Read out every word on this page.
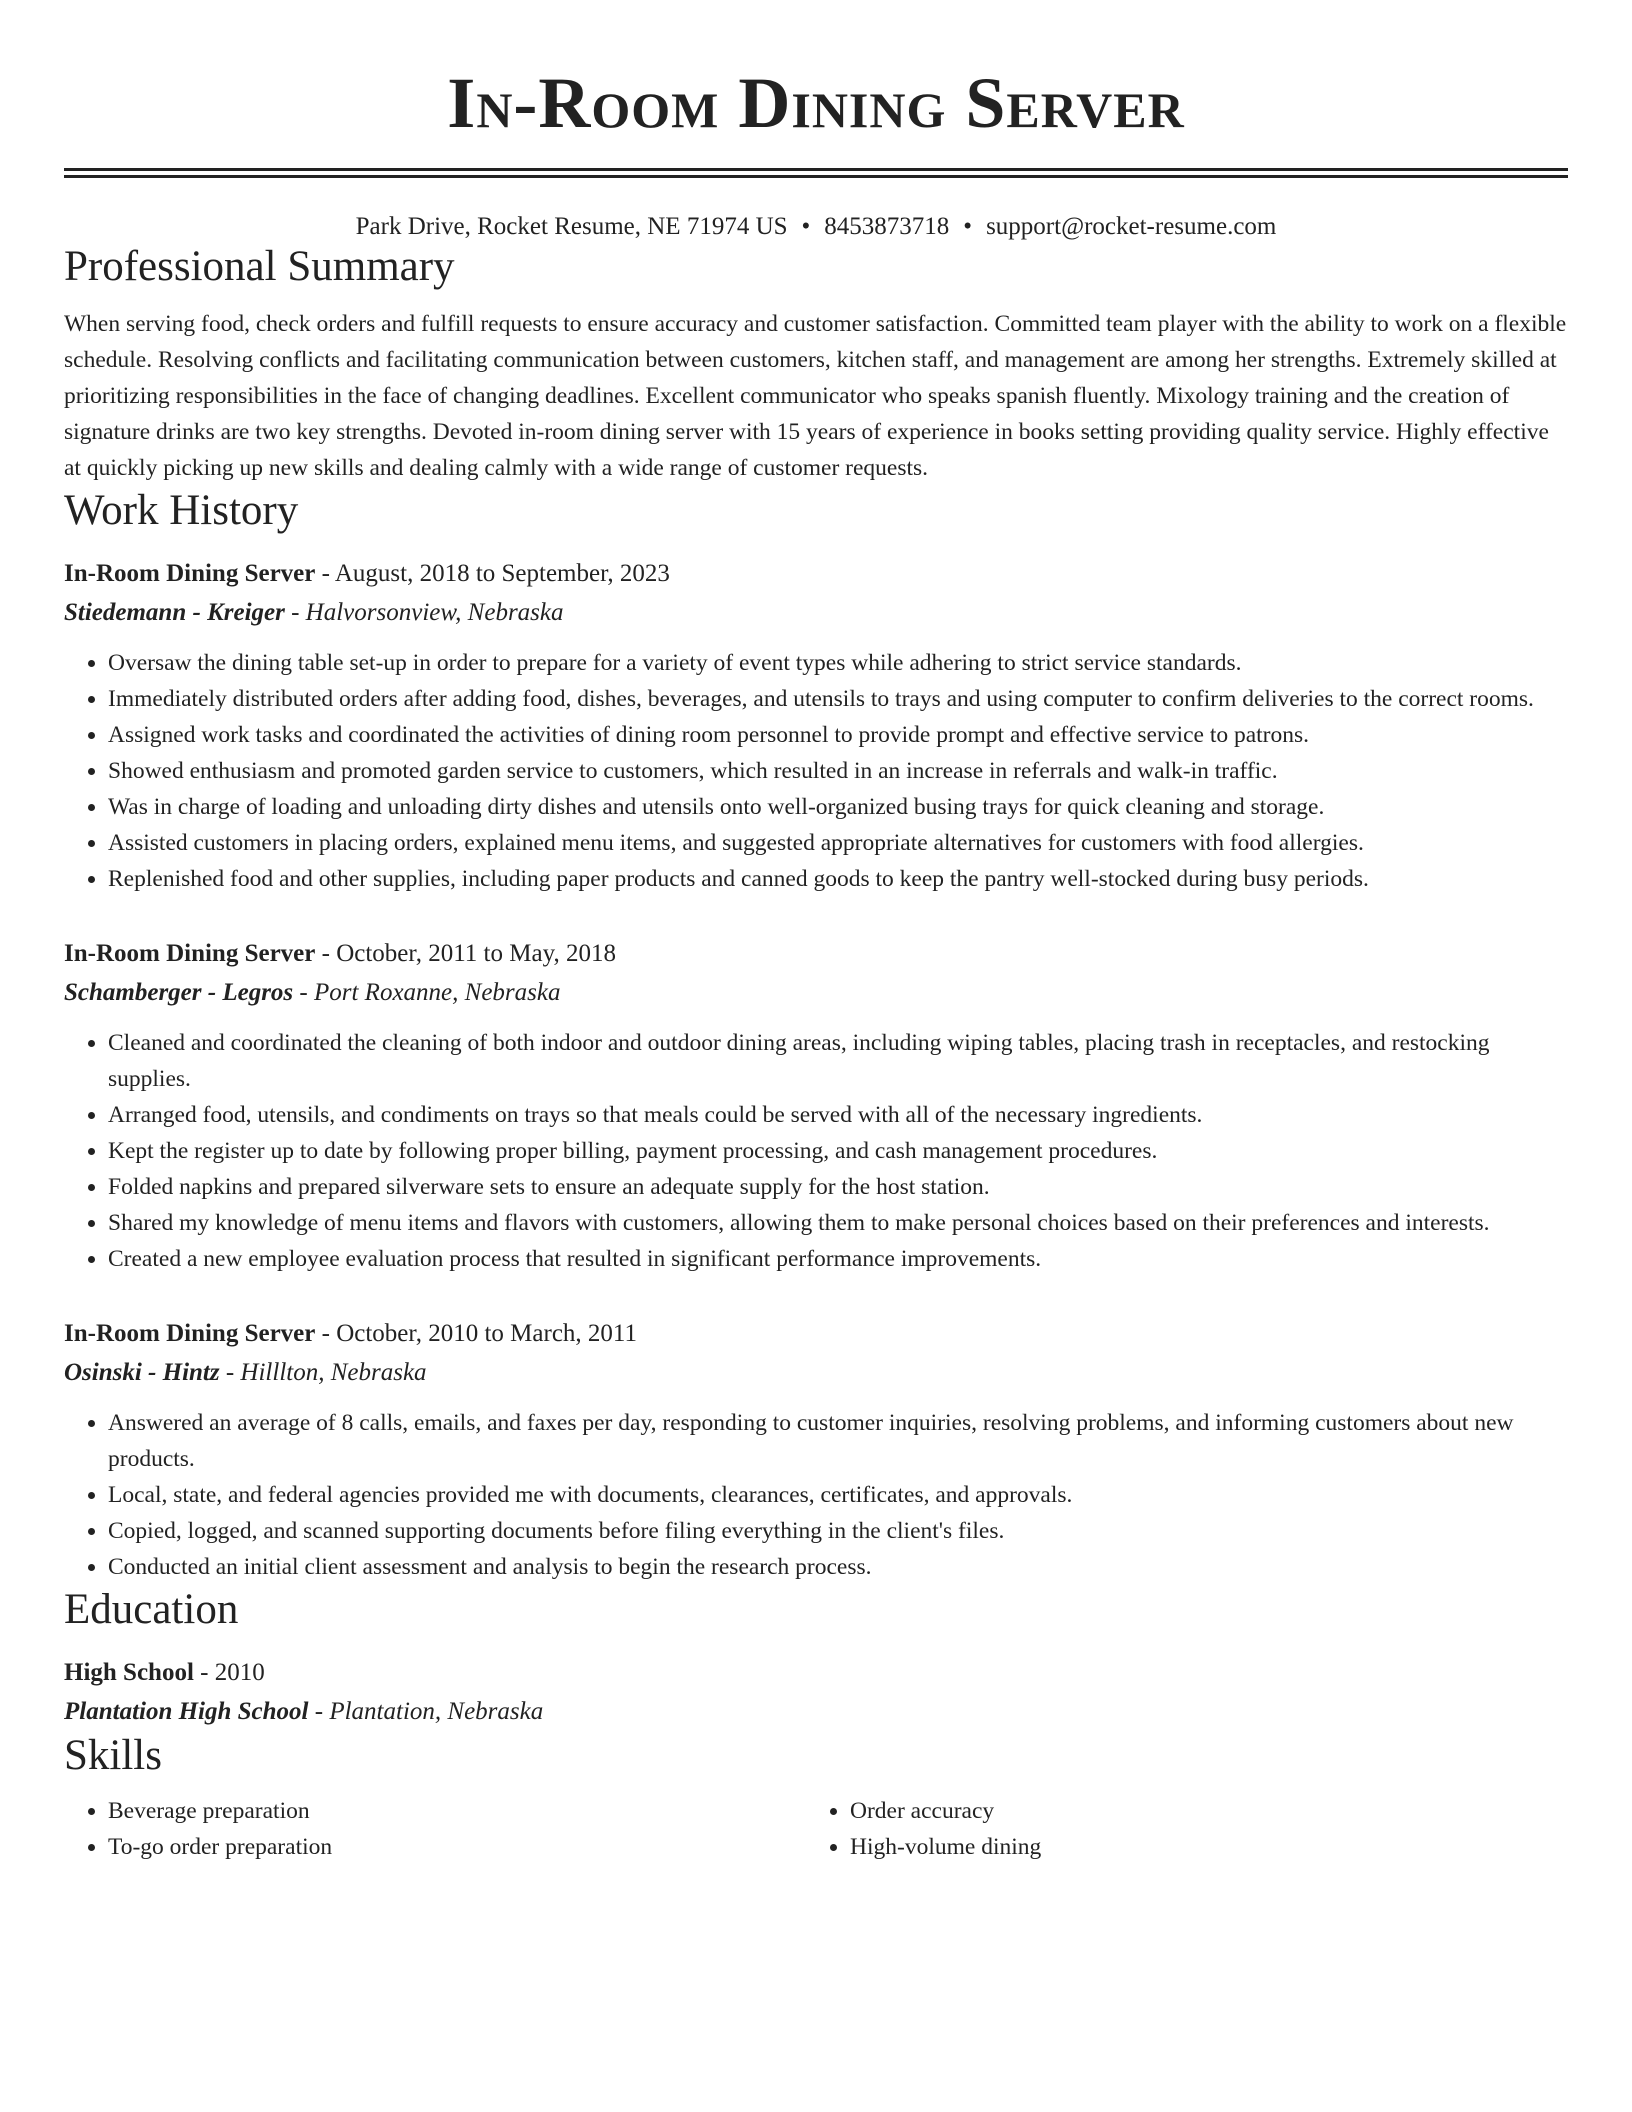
In-Room Dining Server
Park Drive, Rocket Resume, NE 71974 US • 8453873718 • support@rocket-resume.com
Professional Summary
When serving food, check orders and fulfill requests to ensure accuracy and customer satisfaction. Committed team player with the ability to work on a flexible schedule. Resolving conflicts and facilitating communication between customers, kitchen staff, and management are among her strengths. Extremely skilled at prioritizing responsibilities in the face of changing deadlines. Excellent communicator who speaks spanish fluently. Mixology training and the creation of signature drinks are two key strengths. Devoted in-room dining server with 15 years of experience in books setting providing quality service. Highly effective at quickly picking up new skills and dealing calmly with a wide range of customer requests.
Work History
In-Room Dining Server - August, 2018 to September, 2023
Stiedemann - Kreiger - Halvorsonview, Nebraska
• Oversaw the dining table set-up in order to prepare for a variety of event types while adhering to strict service standards.
• Immediately distributed orders after adding food, dishes, beverages, and utensils to trays and using computer to confirm deliveries to the correct rooms.
• Assigned work tasks and coordinated the activities of dining room personnel to provide prompt and effective service to patrons.
• Showed enthusiasm and promoted garden service to customers, which resulted in an increase in referrals and walk-in traffic.
• Was in charge of loading and unloading dirty dishes and utensils onto well-organized busing trays for quick cleaning and storage.
• Assisted customers in placing orders, explained menu items, and suggested appropriate alternatives for customers with food allergies.
• Replenished food and other supplies, including paper products and canned goods to keep the pantry well-stocked during busy periods.
In-Room Dining Server - October, 2011 to May, 2018
Schamberger - Legros - Port Roxanne, Nebraska
• Cleaned and coordinated the cleaning of both indoor and outdoor dining areas, including wiping tables, placing trash in receptacles, and restocking supplies.
• Arranged food, utensils, and condiments on trays so that meals could be served with all of the necessary ingredients.
• Kept the register up to date by following proper billing, payment processing, and cash management procedures.
• Folded napkins and prepared silverware sets to ensure an adequate supply for the host station.
• Shared my knowledge of menu items and flavors with customers, allowing them to make personal choices based on their preferences and interests.
• Created a new employee evaluation process that resulted in significant performance improvements.
In-Room Dining Server - October, 2010 to March, 2011
Osinski - Hintz - Hilllton, Nebraska
• Answered an average of 8 calls, emails, and faxes per day, responding to customer inquiries, resolving problems, and informing customers about new products.
• Local, state, and federal agencies provided me with documents, clearances, certificates, and approvals.
• Copied, logged, and scanned supporting documents before filing everything in the client's files.
• Conducted an initial client assessment and analysis to begin the research process.
Education
High School - 2010
Plantation High School - Plantation, Nebraska
Skills
• Beverage preparation
• To-go order preparation
• Order accuracy
• High-volume dining
